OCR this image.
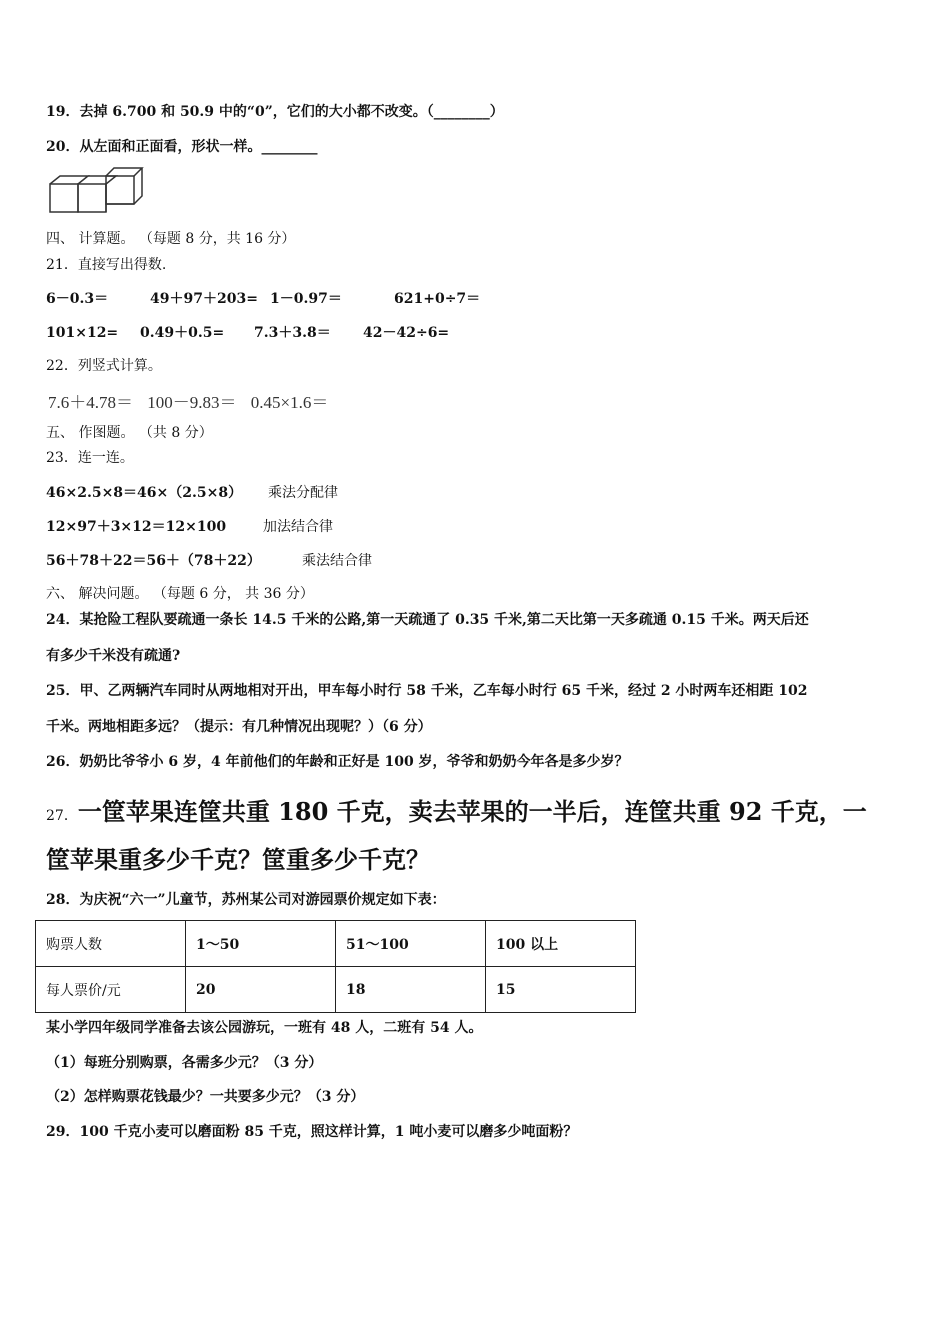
19．去掉 6.700 和 50.9 中的“0”，它们的大小都不改变。（________）
20．从左面和正面看，形状一样。________
四、 计算题。 （每题 8 分，共 16 分）
21．直接写出得数.
6－0.3＝	49＋97＋203= 1－0.97＝	621+0÷7＝
101×12= 0.49＋0.5= 7.3＋3.8＝ 42－42÷6=
22．列竖式计算。
7.6＋4.78＝ 100－9.83＝ 0.45×1.6＝
五、 作图题。 （共 8 分）
23．连一连。
46×2.5×8＝46×（2.5×8） 乘法分配律
12×97＋3×12＝12×100	加法结合律
56＋78＋22＝56＋（78＋22）	乘法结合律
六、 解决问题。 （每题 6 分， 共 36 分）
24．某抢险工程队要疏通一条长 14.5 千米的公路,第一天疏通了 0.35 千米,第二天比第一天多疏通 0.15 千米。两天后还
有多少千米没有疏通?
25．甲、乙两辆汽车同时从两地相对开出，甲车每小时行 58 千米，乙车每小时行 65 千米，经过 2 小时两车还相距 102
千米。两地相距多远？（提示：有几种情况出现呢？）（6 分）
26．奶奶比爷爷小 6 岁，4 年前他们的年龄和正好是 100 岁，爷爷和奶奶今年各是多少岁？
27．一筐苹果连筐共重 180 千克，卖去苹果的一半后，连筐共重 92 千克，一
筐苹果重多少千克？筐重多少千克？
28．为庆祝“六一”儿童节，苏州某公司对游园票价规定如下表：
购票人数	1～50	51～100	100 以上
每人票价/元	20	18	15
某小学四年级同学准备去该公园游玩，一班有 48 人，二班有 54 人。
（1）每班分别购票，各需多少元？（3 分）
（2）怎样购票花钱最少？一共要多少元？（3 分）
29．100 千克小麦可以磨面粉 85 千克，照这样计算，1 吨小麦可以磨多少吨面粉？
